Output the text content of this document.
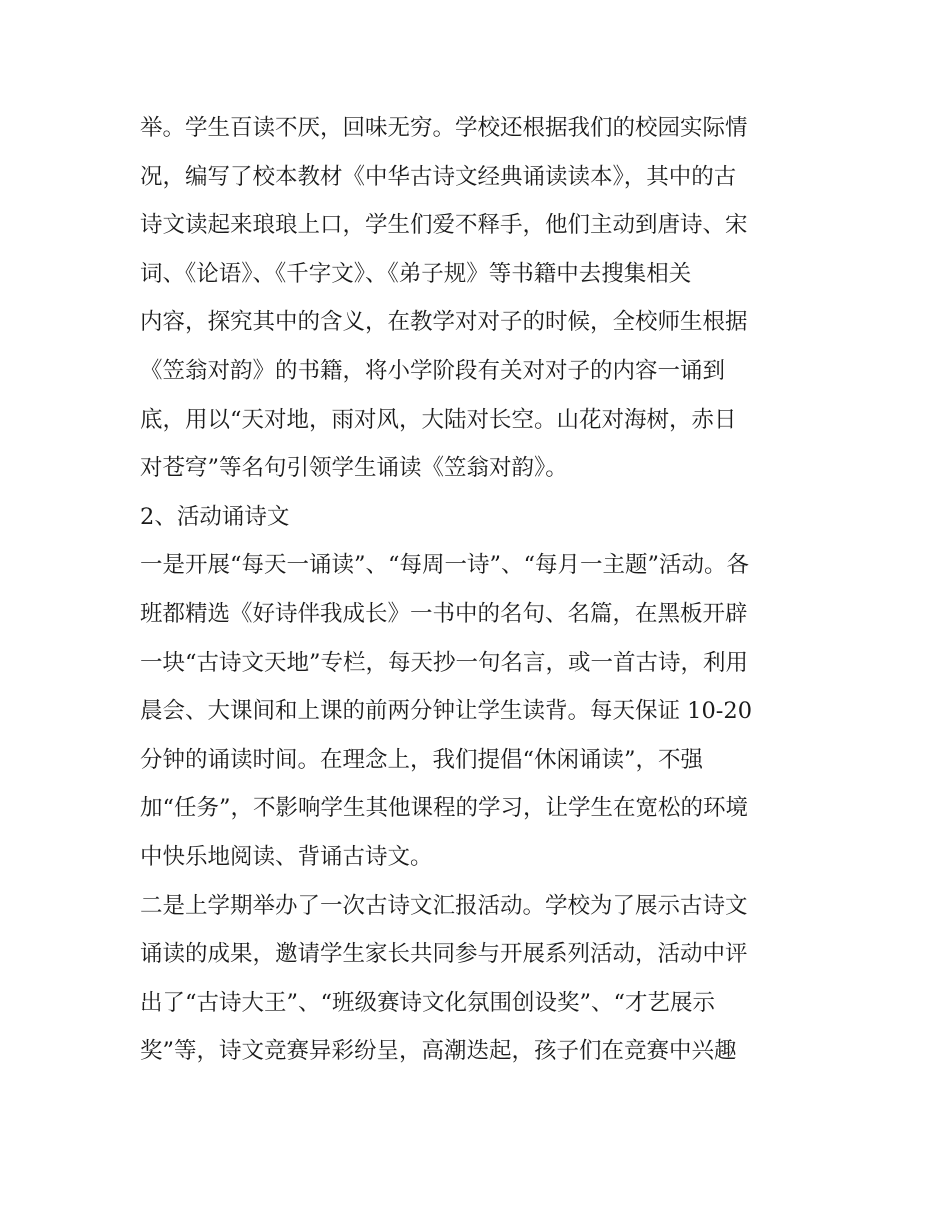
举。学生百读不厌，回味无穷。学校还根据我们的校园实际情
况，编写了校本教材《中华古诗文经典诵读读本》，其中的古
诗文读起来琅琅上口，学生们爱不释手，他们主动到唐诗、宋
词、《论语》、《千字文》、《弟子规》等书籍中去搜集相关
内容，探究其中的含义，在教学对对子的时候，全校师生根据
《笠翁对韵》的书籍，将小学阶段有关对对子的内容一诵到
底，用以“天对地，雨对风，大陆对长空。山花对海树，赤日
对苍穹”等名句引领学生诵读《笠翁对韵》。
2、活动诵诗文
一是开展“每天一诵读”、“每周一诗”、“每月一主题”活动。各
班都精选《好诗伴我成长》一书中的名句、名篇，在黑板开辟
一块“古诗文天地”专栏，每天抄一句名言，或一首古诗，利用
晨会、大课间和上课的前两分钟让学生读背。每天保证 10-20
分钟的诵读时间。在理念上，我们提倡“休闲诵读”，不强
加“任务”，不影响学生其他课程的学习，让学生在宽松的环境
中快乐地阅读、背诵古诗文。
二是上学期举办了一次古诗文汇报活动。学校为了展示古诗文
诵读的成果，邀请学生家长共同参与开展系列活动，活动中评
出了“古诗大王”、“班级赛诗文化氛围创设奖”、“才艺展示
奖”等，诗文竞赛异彩纷呈，高潮迭起，孩子们在竞赛中兴趣
